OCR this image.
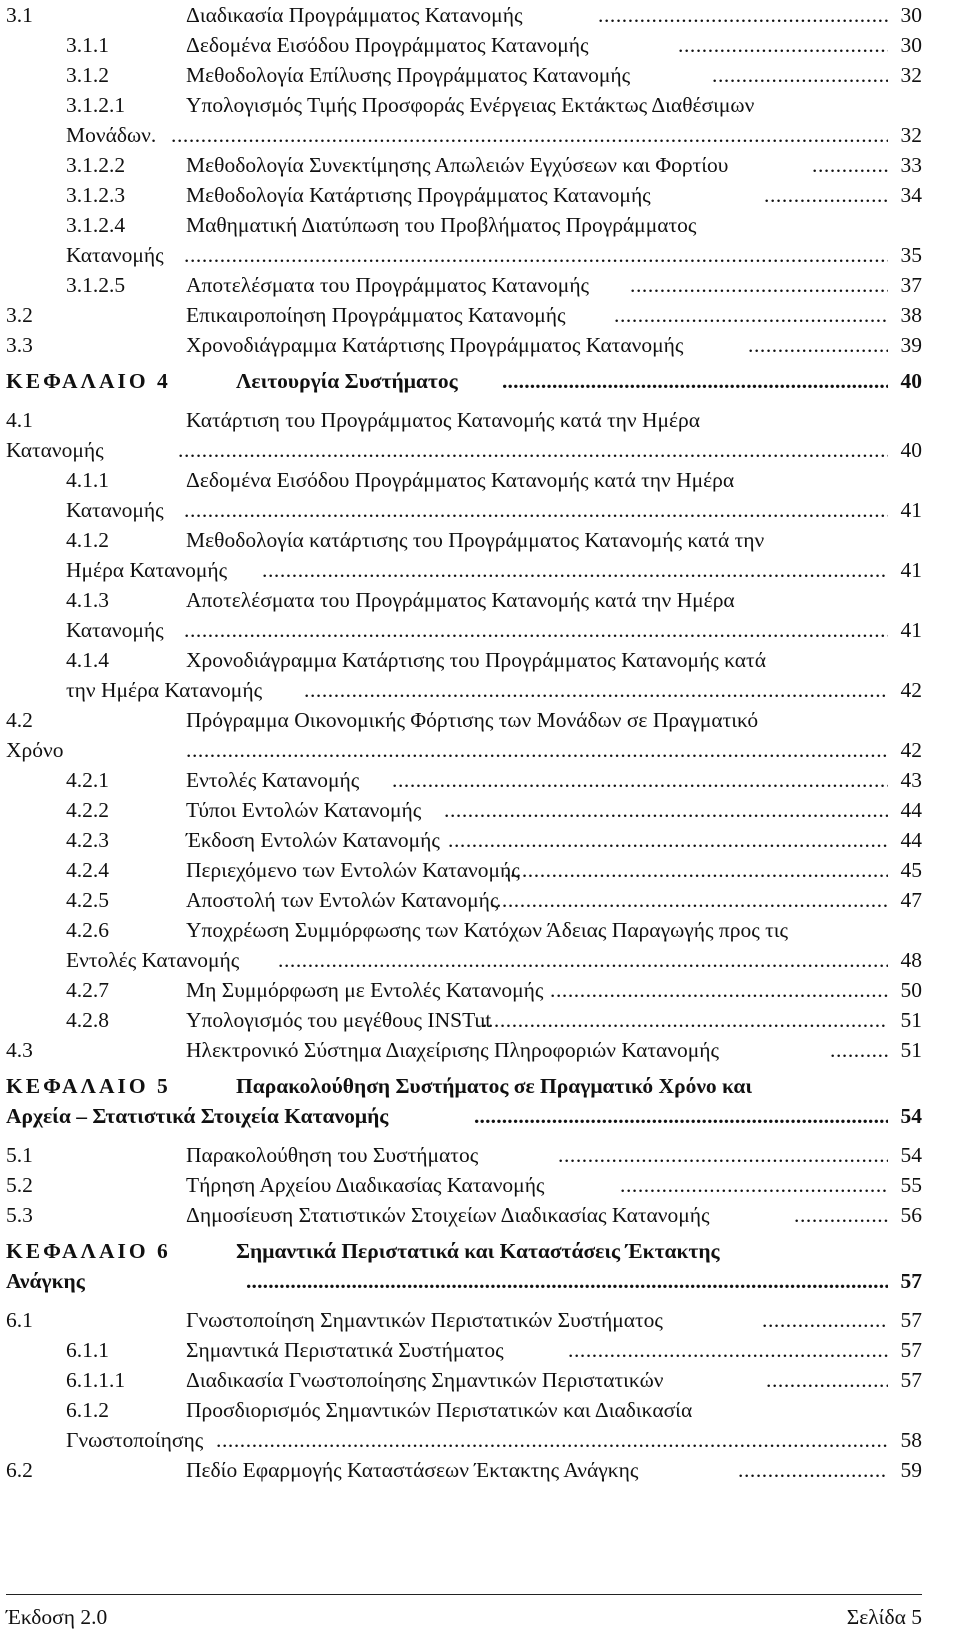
3.1	Διαδικασία Προγράμματος Κατανομής . . .	30
3.1.1	Δεδομένα Εισόδου Προγράμματος Κατανομής . . .	30
3.1.2	Μεθοδολογία Επίλυσης Προγράμματος Κατανομής . . .	32
3.1.2.1	Υπολογισμός Τιμής Προσφοράς Ενέργειας Εκτάκτως Διαθέσιμων
Μονάδων. . . .	32
3.1.2.2	Μεθοδολογία Συνεκτίμησης Απωλειών Εγχύσεων και Φορτίου . . .	33
3.1.2.3	Μεθοδολογία Κατάρτισης Προγράμματος Κατανομής . . .	34
3.1.2.4	Μαθηματική Διατύπωση του Προβλήματος Προγράμματος
Κατανομής . . .	35
3.1.2.5	Αποτελέσματα του Προγράμματος Κατανομής . . .	37
3.2	Επικαιροποίηση Προγράμματος Κατανομής . . .	38
3.3	Χρονοδιάγραμμα Κατάρτισης Προγράμματος Κατανομής . . .	39
ΚΕΦΑΛΑΙΟ 4	Λειτουργία Συστήματος . . .	40
4.1	Κατάρτιση του Προγράμματος Κατανομής κατά την Ημέρα
Κατανομής . . .	40
4.1.1	Δεδομένα Εισόδου Προγράμματος Κατανομής κατά την Ημέρα
Κατανομής . . .	41
4.1.2	Μεθοδολογία κατάρτισης του Προγράμματος Κατανομής κατά την
Ημέρα Κατανομής . . .	41
4.1.3	Αποτελέσματα του Προγράμματος Κατανομής κατά την Ημέρα
Κατανομής . . .	41
4.1.4	Χρονοδιάγραμμα Κατάρτισης του Προγράμματος Κατανομής κατά
την Ημέρα Κατανομής . . .	42
4.2	Πρόγραμμα Οικονομικής Φόρτισης των Μονάδων σε Πραγματικό
Χρόνο . . .	42
4.2.1	Εντολές Κατανομής . . .	43
4.2.2	Τύποι Εντολών Κατανομής . . .	44
4.2.3	Έκδοση Εντολών Κατανομής . . .	44
4.2.4	Περιεχόμενο των Εντολών Κατανομής . . .	45
4.2.5	Αποστολή των Εντολών Κατανομής . . .	47
4.2.6	Υποχρέωση Συμμόρφωσης των Κατόχων Άδειας Παραγωγής προς τις
Εντολές Κατανομής . . .	48
4.2.7	Μη Συμμόρφωση με Εντολές Κατανομής . . .	50
4.2.8	Υπολογισμός του μεγέθους INSTut . . .	51
4.3	Ηλεκτρονικό Σύστημα Διαχείρισης Πληροφοριών Κατανομής . . .	51
ΚΕΦΑΛΑΙΟ 5	Παρακολούθηση Συστήματος σε Πραγματικό Χρόνο και
Αρχεία – Στατιστικά Στοιχεία Κατανομής . . .	54
5.1	Παρακολούθηση του Συστήματος . . .	54
5.2	Τήρηση Αρχείου Διαδικασίας Κατανομής . . .	55
5.3	Δημοσίευση Στατιστικών Στοιχείων Διαδικασίας Κατανομής . . .	56
ΚΕΦΑΛΑΙΟ 6	Σημαντικά Περιστατικά και Καταστάσεις Έκτακτης
Ανάγκης . . .	57
6.1	Γνωστοποίηση Σημαντικών Περιστατικών Συστήματος . . .	57
6.1.1	Σημαντικά Περιστατικά Συστήματος . . .	57
6.1.1.1	Διαδικασία Γνωστοποίησης Σημαντικών Περιστατικών . . .	57
6.1.2	Προσδιορισμός Σημαντικών Περιστατικών και Διαδικασία
Γνωστοποίησης . . .	58
6.2	Πεδίο Εφαρμογής Καταστάσεων Έκτακτης Ανάγκης . . .	59
Έκδοση 2.0	Σελίδα 5
